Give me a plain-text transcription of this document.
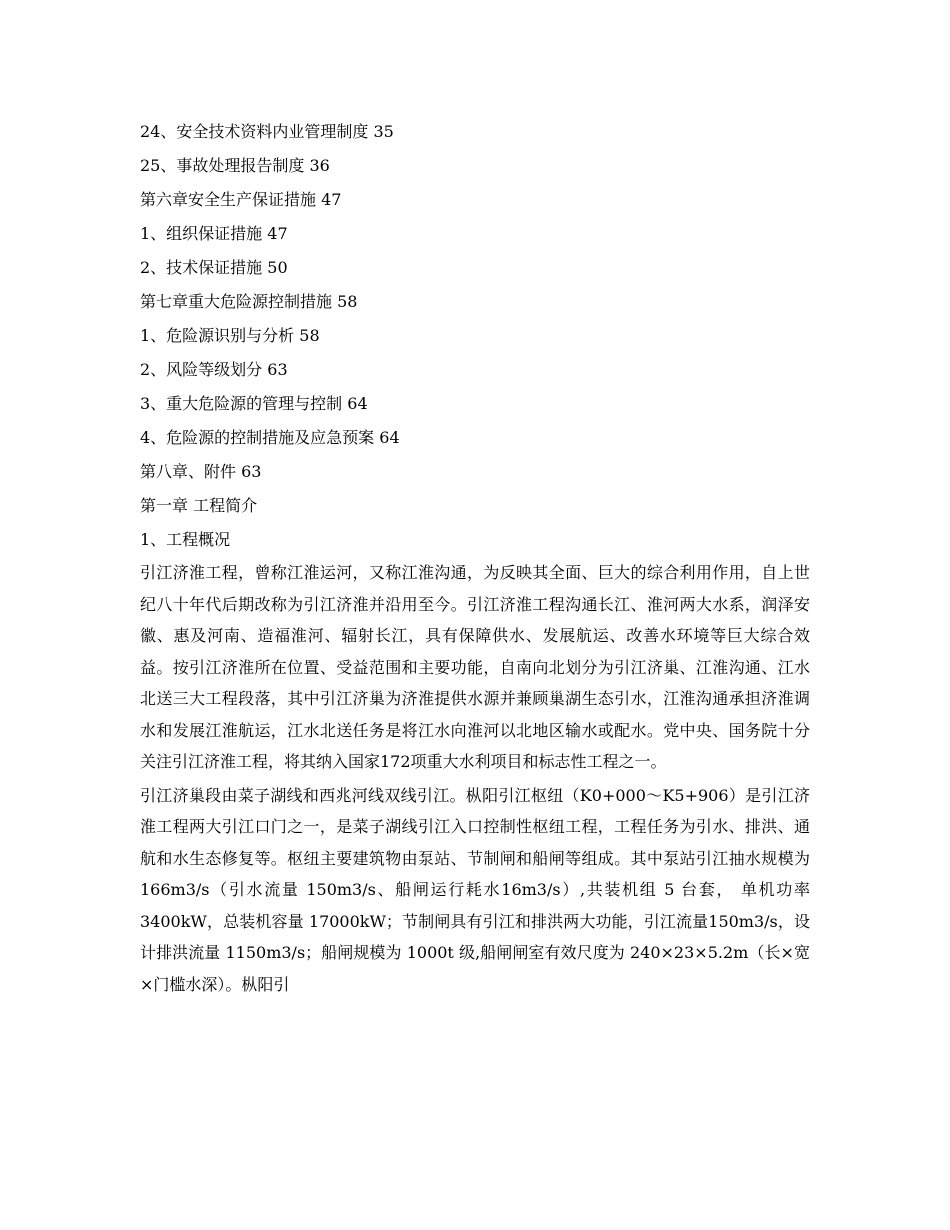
24、安全技术资料内业管理制度 35
25、事故处理报告制度 36
第六章安全生产保证措施 47
1、组织保证措施 47
2、技术保证措施 50
第七章重大危险源控制措施 58
1、危险源识别与分析 58
2、风险等级划分 63
3、重大危险源的管理与控制 64
4、危险源的控制措施及应急预案 64
第八章、附件 63
第一章 工程简介
1、工程概况

引江济淮工程，曾称江淮运河，又称江淮沟通，为反映其全面、巨大的综合利用作用，自上世纪八十年代后期改称为引江济淮并沿用至今。引江济淮工程沟通长江、淮河两大水系，润泽安徽、惠及河南、造福淮河、辐射长江，具有保障供水、发展航运、改善水环境等巨大综合效益。按引江济淮所在位置、受益范围和主要功能，自南向北划分为引江济巢、江淮沟通、江水北送三大工程段落，其中引江济巢为济淮提供水源并兼顾巢湖生态引水，江淮沟通承担济淮调水和发展江淮航运，江水北送任务是将江水向淮河以北地区输水或配水。党中央、国务院十分关注引江济淮工程，将其纳入国家172项重大水利项目和标志性工程之一。

引江济巢段由菜子湖线和西兆河线双线引江。枞阳引江枢纽（K0+000～K5+906）是引江济淮工程两大引江口门之一，是菜子湖线引江入口控制性枢纽工程，工程任务为引水、排洪、通航和水生态修复等。枢纽主要建筑物由泵站、节制闸和船闸等组成。其中泵站引江抽水规模为 166m3/s（引水流量 150m3/s、船闸运行耗水16m3/s）,共装机组 5 台套， 单机功率 3400kW，总装机容量 17000kW；节制闸具有引江和排洪两大功能，引江流量150m3/s，设计排洪流量 1150m3/s；船闸规模为 1000t 级,船闸闸室有效尺度为 240×23×5.2m（长×宽×门槛水深）。枞阳引
